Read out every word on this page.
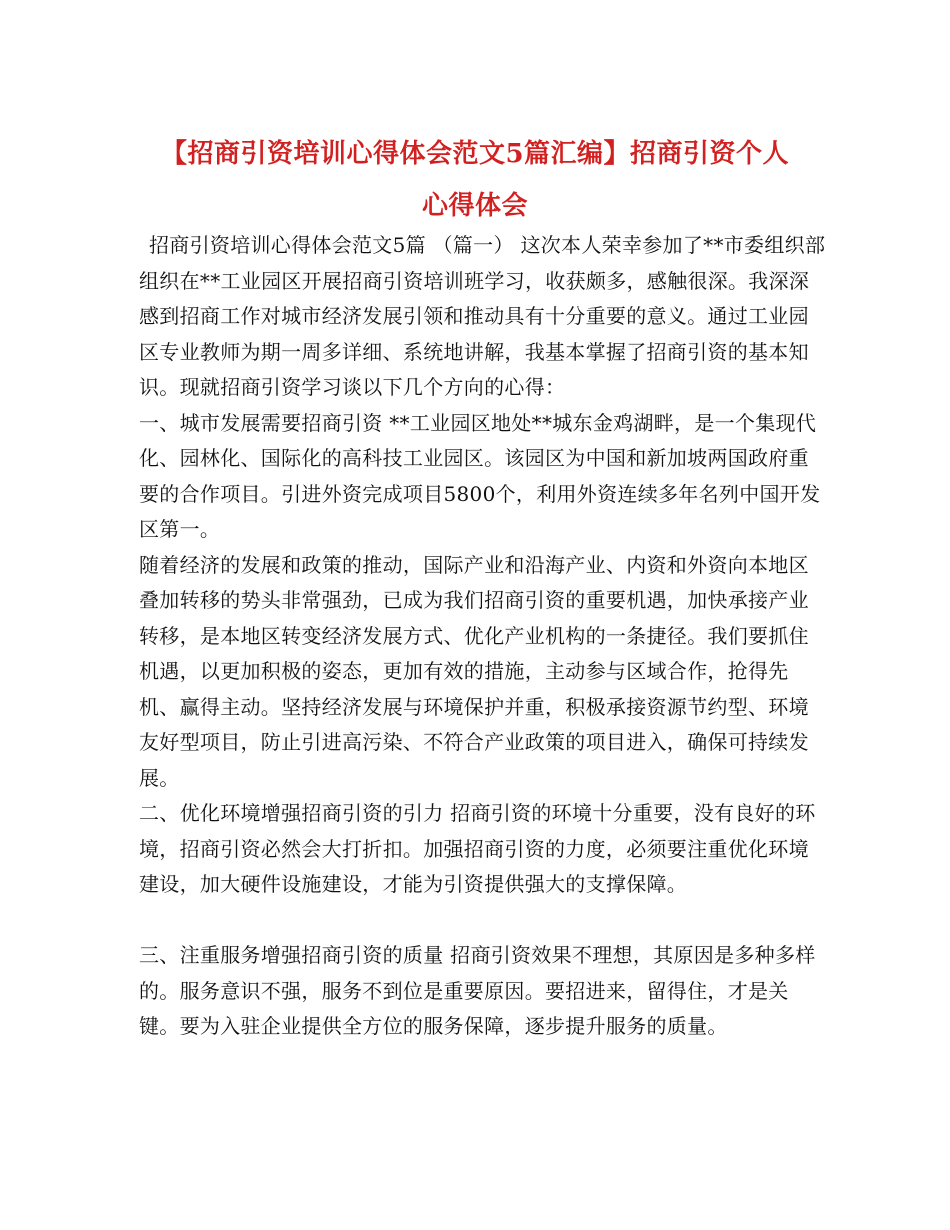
【招商引资培训心得体会范文5篇汇编】招商引资个人
心得体会

招商引资培训心得体会范文5篇 （篇一） 这次本人荣幸参加了**市委组织部组织在**工业园区开展招商引资培训班学习，收获颇多，感触很深。我深深感到招商工作对城市经济发展引领和推动具有十分重要的意义。通过工业园区专业教师为期一周多详细、系统地讲解，我基本掌握了招商引资的基本知识。现就招商引资学习谈以下几个方向的心得：

一、城市发展需要招商引资 **工业园区地处**城东金鸡湖畔，是一个集现代化、园林化、国际化的高科技工业园区。该园区为中国和新加坡两国政府重要的合作项目。引进外资完成项目5800个，利用外资连续多年名列中国开发区第一。

随着经济的发展和政策的推动，国际产业和沿海产业、内资和外资向本地区叠加转移的势头非常强劲，已成为我们招商引资的重要机遇，加快承接产业转移，是本地区转变经济发展方式、优化产业机构的一条捷径。我们要抓住机遇，以更加积极的姿态，更加有效的措施，主动参与区域合作，抢得先机、赢得主动。坚持经济发展与环境保护并重，积极承接资源节约型、环境友好型项目，防止引进高污染、不符合产业政策的项目进入，确保可持续发展。

二、优化环境增强招商引资的引力 招商引资的环境十分重要，没有良好的环境，招商引资必然会大打折扣。加强招商引资的力度，必须要注重优化环境建设，加大硬件设施建设，才能为引资提供强大的支撑保障。

三、注重服务增强招商引资的质量 招商引资效果不理想，其原因是多种多样的。服务意识不强，服务不到位是重要原因。要招进来，留得住，才是关键。要为入驻企业提供全方位的服务保障，逐步提升服务的质量。
